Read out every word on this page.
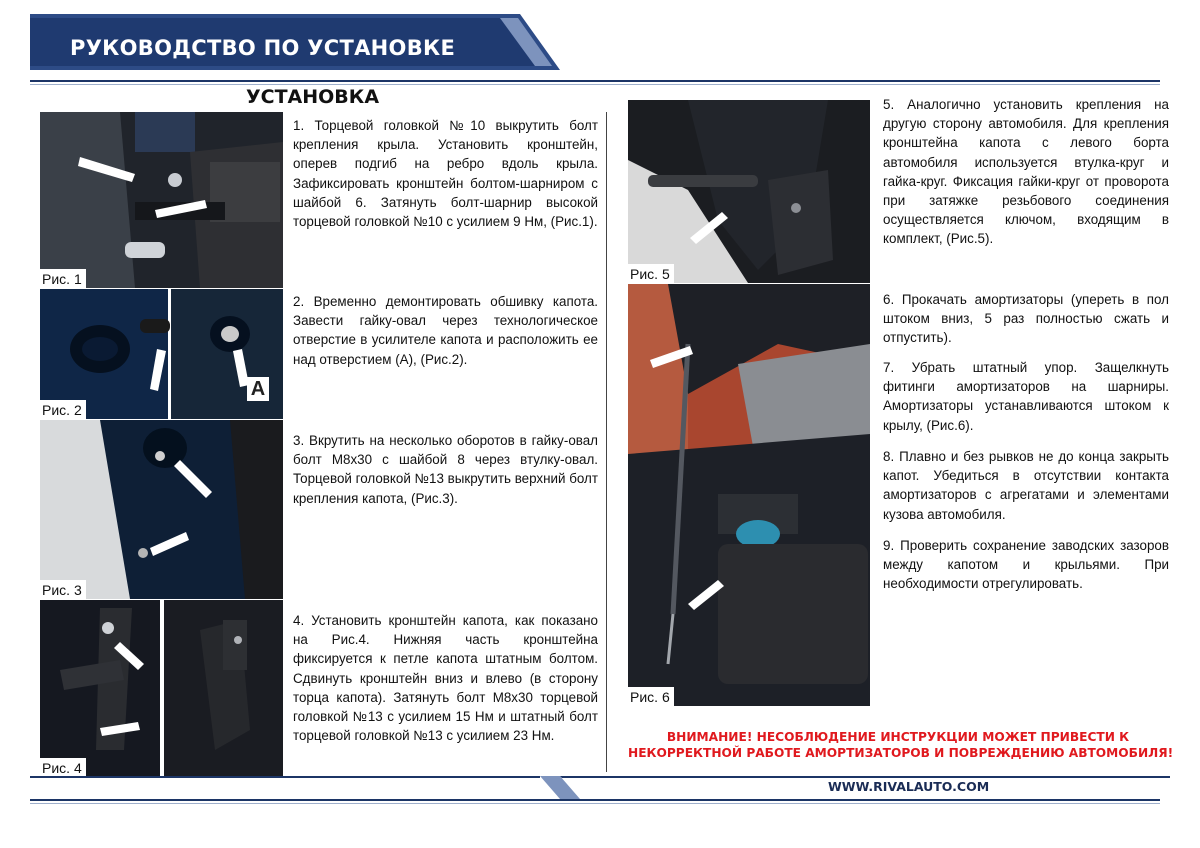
РУКОВОДСТВО ПО УСТАНОВКЕ
УСТАНОВКА
Рис. 1
A
Рис. 2
Рис. 3
Рис. 4
1. Торцевой головкой №10 выкрутить болт крепления крыла. Установить кронштейн, оперев подгиб на ребро вдоль крыла. Зафиксировать кронштейн болтом-шарниром с шайбой 6. Затянуть болт-шарнир высокой торцевой головкой №10 с усилием 9 Нм, (Рис.1).
2. Временно демонтировать обшивку капота. Завести гайку-овал через технологическое отверстие в усилителе капота и расположить ее над отверстием (А), (Рис.2).
3. Вкрутить на несколько оборотов в гайку-овал болт М8х30 с шайбой 8 через втулку-овал. Торцевой головкой №13 выкрутить верхний болт крепления капота, (Рис.3).
4. Установить кронштейн капота, как показано на Рис.4. Нижняя часть кронштейна фиксируется к петле капота штатным болтом. Сдвинуть кронштейн вниз и влево (в сторону торца капота). Затянуть болт М8х30 торцевой головкой №13 с усилием 15 Нм и штатный болт торцевой головкой №13 с усилием 23 Нм.
Рис. 5
Рис. 6
5. Аналогично установить крепления на другую сторону автомобиля. Для крепления кронштейна капота с левого борта автомобиля используется втулка-круг и гайка-круг. Фиксация гайки-круг от проворота при затяжке резьбового соединения осуществляется ключом, входящим в комплект, (Рис.5).
6. Прокачать амортизаторы (упереть в пол штоком вниз, 5 раз полностью сжать и отпустить).
7. Убрать штатный упор. Защелкнуть фитинги амортизаторов на шарниры. Амортизаторы устанавливаются штоком к крылу, (Рис.6).
8. Плавно и без рывков не до конца закрыть капот. Убедиться в отсутствии контакта амортизаторов с агрегатами и элементами кузова автомобиля.
9. Проверить сохранение заводских зазоров между капотом и крыльями. При необходимости отрегулировать.
ВНИМАНИЕ! НЕСОБЛЮДЕНИЕ ИНСТРУКЦИИ МОЖЕТ ПРИВЕСТИ К
НЕКОРРЕКТНОЙ РАБОТЕ АМОРТИЗАТОРОВ И ПОВРЕЖДЕНИЮ АВТОМОБИЛЯ!
WWW.RIVALAUTO.COM
